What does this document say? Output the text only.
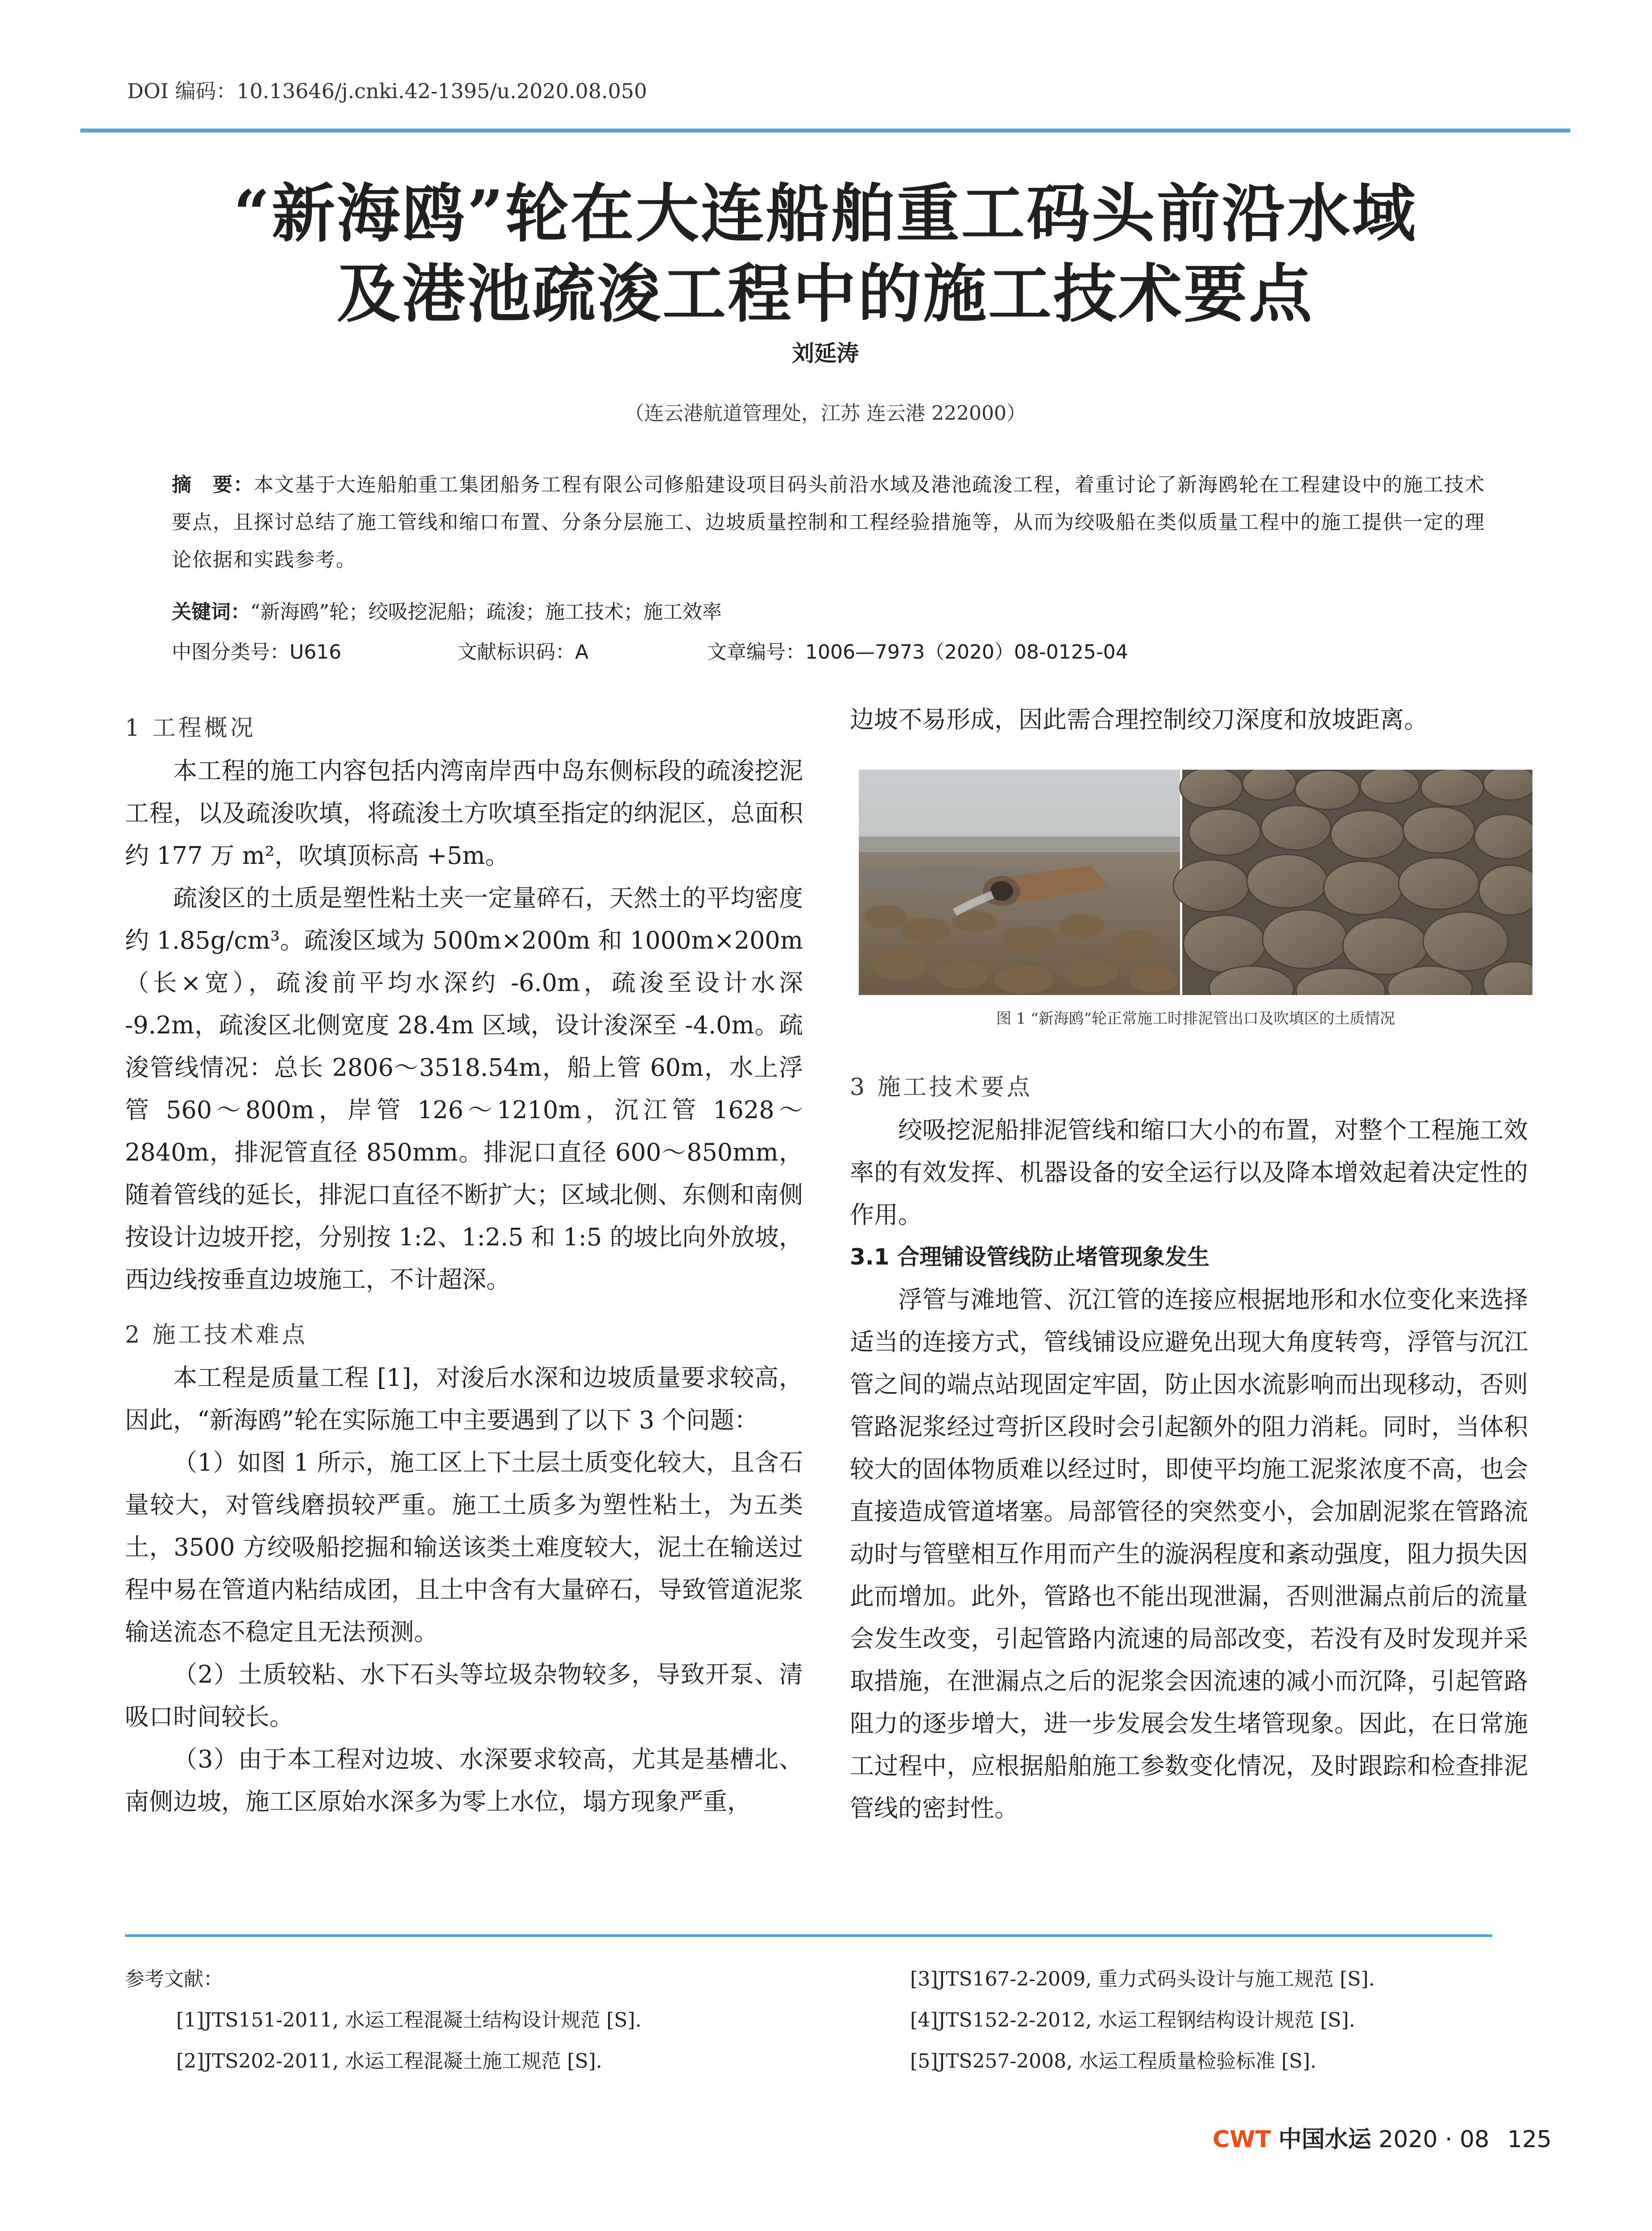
DOI 编码：10.13646/j.cnki.42-1395/u.2020.08.050
“新海鸥”轮在大连船舶重工码头前沿水域
及港池疏浚工程中的施工技术要点
刘延涛
（连云港航道管理处，江苏 连云港 222000）
摘　要：本文基于大连船舶重工集团船务工程有限公司修船建设项目码头前沿水域及港池疏浚工程，着重讨论了新海鸥轮在工程建设中的施工技术要点，且探讨总结了施工管线和缩口布置、分条分层施工、边坡质量控制和工程经验措施等，从而为绞吸船在类似质量工程中的施工提供一定的理论依据和实践参考。
关键词：“新海鸥”轮；绞吸挖泥船；疏浚；施工技术；施工效率
中图分类号：U616	文献标识码：A	文章编号：1006—7973（2020）08-0125-04
1 工程概况

本工程的施工内容包括内湾南岸西中岛东侧标段的疏浚挖泥工程，以及疏浚吹填，将疏浚土方吹填至指定的纳泥区，总面积约 177 万 m²，吹填顶标高 +5m。

疏浚区的土质是塑性粘土夹一定量碎石，天然土的平均密度约 1.85g/cm³。疏浚区域为 500m×200m 和 1000m×200m（长×宽），疏浚前平均水深约 -6.0m，疏浚至设计水深 -9.2m，疏浚区北侧宽度 28.4m 区域，设计浚深至 -4.0m。疏浚管线情况：总长 2806～3518.54m，船上管 60m，水上浮管 560～800m，岸管 126～1210m，沉江管 1628～2840m，排泥管直径 850mm。排泥口直径 600～850mm，随着管线的延长，排泥口直径不断扩大；区域北侧、东侧和南侧按设计边坡开挖，分别按 1:2、1:2.5 和 1:5 的坡比向外放坡，西边线按垂直边坡施工，不计超深。

2 施工技术难点

本工程是质量工程 [1]，对浚后水深和边坡质量要求较高，因此，“新海鸥”轮在实际施工中主要遇到了以下 3 个问题：

（1）如图 1 所示，施工区上下土层土质变化较大，且含石量较大，对管线磨损较严重。施工土质多为塑性粘土，为五类土，3500 方绞吸船挖掘和输送该类土难度较大，泥土在输送过程中易在管道内粘结成团，且土中含有大量碎石，导致管道泥浆输送流态不稳定且无法预测。

（2）土质较粘、水下石头等垃圾杂物较多，导致开泵、清吸口时间较长。

（3）由于本工程对边坡、水深要求较高，尤其是基槽北、南侧边坡，施工区原始水深多为零上水位，塌方现象严重，

边坡不易形成，因此需合理控制绞刀深度和放坡距离。

图 1 “新海鸥”轮正常施工时排泥管出口及吹填区的土质情况
3 施工技术要点

绞吸挖泥船排泥管线和缩口大小的布置，对整个工程施工效率的有效发挥、机器设备的安全运行以及降本增效起着决定性的作用。

3.1 合理铺设管线防止堵管现象发生

浮管与滩地管、沉江管的连接应根据地形和水位变化来选择适当的连接方式，管线铺设应避免出现大角度转弯，浮管与沉江管之间的端点站现固定牢固，防止因水流影响而出现移动，否则管路泥浆经过弯折区段时会引起额外的阻力消耗。同时，当体积较大的固体物质难以经过时，即使平均施工泥浆浓度不高，也会直接造成管道堵塞。局部管径的突然变小，会加剧泥浆在管路流动时与管壁相互作用而产生的漩涡程度和紊动强度，阻力损失因此而增加。此外，管路也不能出现泄漏，否则泄漏点前后的流量会发生改变，引起管路内流速的局部改变，若没有及时发现并采取措施，在泄漏点之后的泥浆会因流速的减小而沉降，引起管路阻力的逐步增大，进一步发展会发生堵管现象。因此，在日常施工过程中，应根据船舶施工参数变化情况，及时跟踪和检查排泥管线的密封性。

参考文献：
[1]JTS151-2011, 水运工程混凝土结构设计规范 [S].
[2]JTS202-2011, 水运工程混凝土施工规范 [S].
[3]JTS167-2-2009, 重力式码头设计与施工规范 [S].
[4]JTS152-2-2012, 水运工程钢结构设计规范 [S].
[5]JTS257-2008, 水运工程质量检验标准 [S].
CWT 中国水运 2020 · 08 125
